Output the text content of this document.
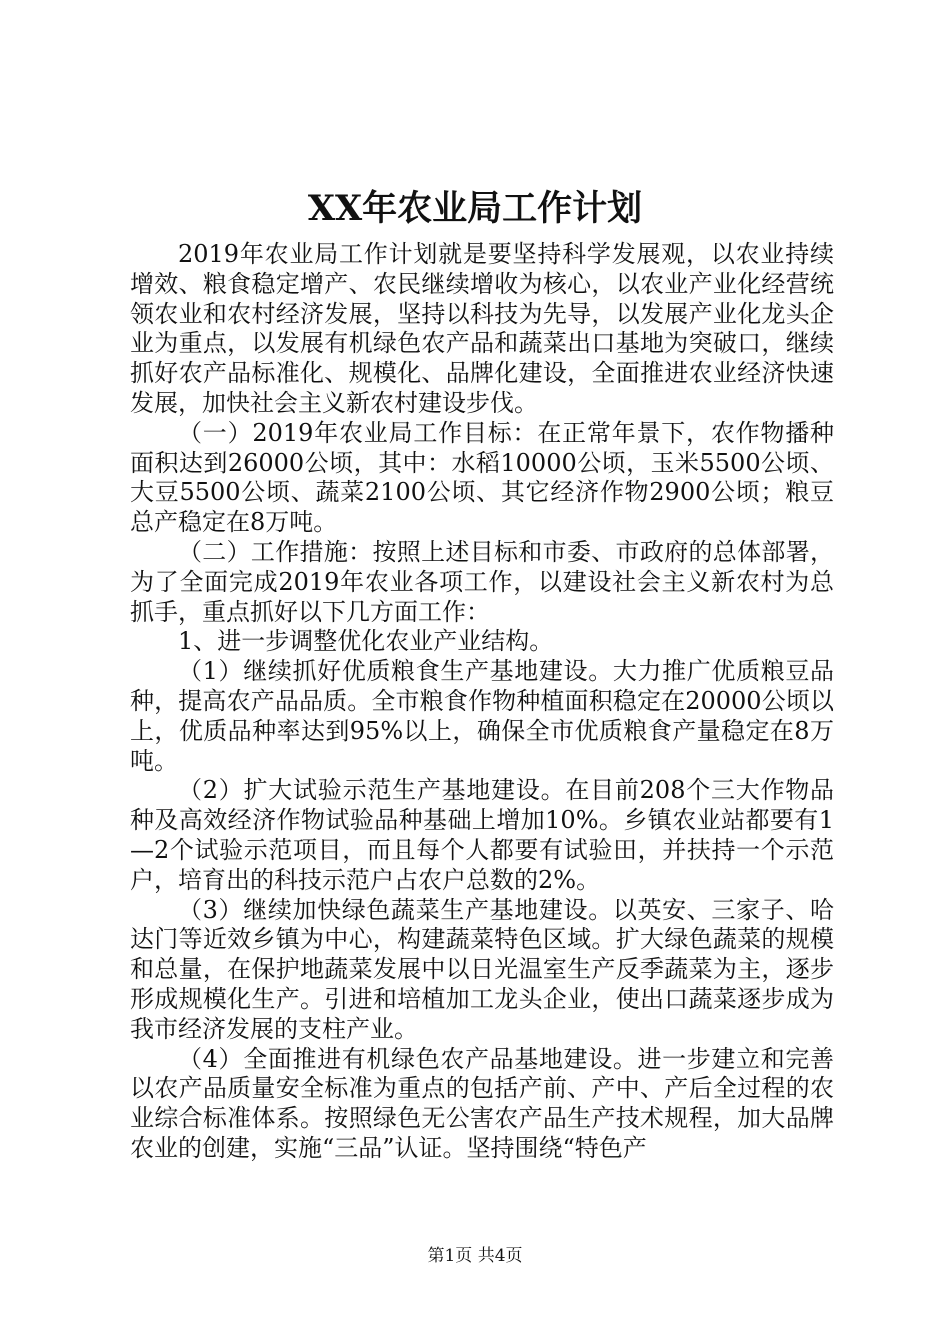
XX年农业局工作计划

2019年农业局工作计划就是要坚持科学发展观，以农业持续增效、粮食稳定增产、农民继续增收为核心，以农业产业化经营统领农业和农村经济发展，坚持以科技为先导，以发展产业化龙头企业为重点，以发展有机绿色农产品和蔬菜出口基地为突破口，继续抓好农产品标准化、规模化、品牌化建设，全面推进农业经济快速发展，加快社会主义新农村建设步伐。

（一）2019年农业局工作目标：在正常年景下，农作物播种面积达到26000公顷，其中：水稻10000公顷，玉米5500公顷、大豆5500公顷、蔬菜2100公顷、其它经济作物2900公顷；粮豆总产稳定在8万吨。

（二）工作措施：按照上述目标和市委、市政府的总体部署，为了全面完成2019年农业各项工作，以建设社会主义新农村为总抓手，重点抓好以下几方面工作：

1、进一步调整优化农业产业结构。

（1）继续抓好优质粮食生产基地建设。大力推广优质粮豆品种，提高农产品品质。全市粮食作物种植面积稳定在20000公顷以上，优质品种率达到95%以上，确保全市优质粮食产量稳定在8万吨。

（2）扩大试验示范生产基地建设。在目前208个三大作物品种及高效经济作物试验品种基础上增加10%。乡镇农业站都要有1—2个试验示范项目，而且每个人都要有试验田，并扶持一个示范户，培育出的科技示范户占农户总数的2%。

（3）继续加快绿色蔬菜生产基地建设。以英安、三家子、哈达门等近效乡镇为中心，构建蔬菜特色区域。扩大绿色蔬菜的规模和总量，在保护地蔬菜发展中以日光温室生产反季蔬菜为主，逐步形成规模化生产。引进和培植加工龙头企业，使出口蔬菜逐步成为我市经济发展的支柱产业。

（4）全面推进有机绿色农产品基地建设。进一步建立和完善以农产品质量安全标准为重点的包括产前、产中、产后全过程的农业综合标准体系。按照绿色无公害农产品生产技术规程，加大品牌农业的创建，实施“三品”认证。坚持围绕“特色产

第1页 共4页
